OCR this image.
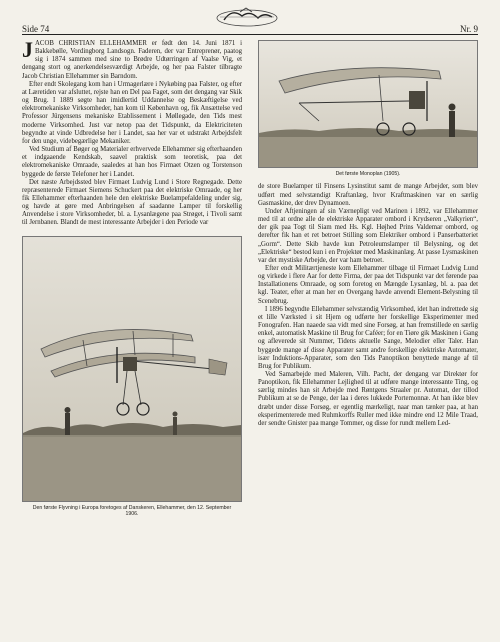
Side 74	Nr. 9

JACOB CHRISTIAN ELLEHAMMER er født den 14. Juni 1871 i Bakkebølle, Vordingborg Landsogn. Faderen, der var Entreprenør, paatog sig i 1874 sammen med sine to Brødre Udtørringen af Vaalse Vig, et dengang stort og anerkendelsesværdigt Arbejde, og her paa Falster tilbragte Jacob Christian Ellehammer sin Barndom.

Efter endt Skolegang kom han i Urmagerlære i Nykøbing paa Falster, og efter at Læretiden var afsluttet, rejste han en Del paa Faget, som det dengang var Skik og Brug. I 1889 søgte han imidlertid Uddannelse og Beskæftigelse ved elektromekaniske Virksomheder, han kom til København og, fik Ansættelse ved Professor Jürgensens mekaniske Etablissement i Møllegade, den Tids mest moderne Virksomhed. Just var netop paa det Tidspunkt, da Elektriciteten begyndte at vinde Udbredelse her i Landet, saa her var et udstrakt Arbejdsfelt for den unge, videbegærlige Mekaniker.

Ved Studium af Bøger og Materialer erhvervede Ellehammer sig efterhaanden et indgaaende Kendskab, saavel praktisk som teoretisk, paa det elektromekaniske Omraade, saaledes at han hos Firmaet Otzen og Torstenson byggede de første Telefoner her i Landet.

Det næste Arbejdssted blev Firmaet Ludvig Lund i Store Regnegade. Dette repræsenterede Firmaet Siemens Schuckert paa det elektriske Omraade, og her fik Ellehammer efterhaanden hele den elektriske Buelampefaldeling under sig, og havde at gøre med Anbringelsen af saadanne Lamper til forskellig Anvendelse i store Virksomheder, bl. a. Lysanlægene paa Strøget, i Tivoli samt til Jernbanen. Blandt de mest interessante Arbejder i den Periode var

Den første Flyvning i Europa foretoges af Danskeren, Ellehammer, den 12. September 1906.
Det første Monoplan (1905).

de store Buelamper til Finsens Lysinstitut samt de mange Arbejder, som blev udført med selvstændigt Kraftanlæg, hvor Kraftmaskinen var en særlig Gasmaskine, der drev Dynamoen.

Under Aftjeningen af sin Værnepligt ved Marinen i 1892, var Ellehammer med til at ordne alle de elektriske Apparater ombord i Krydseren „Valkyrien“, der gik paa Togt til Siam med Hs. Kgl. Højhed Prins Valdemar ombord, og derefter fik han et ret betroet Stilling som Elektriker ombord i Panserbatteriet „Gorm“. Dette Skib havde kun Petroleumslamper til Belysning, og det „Elektriske“ bestod kun i en Projektør med Maskinanlæg. At passe Lysmaskinen var det mystiske Arbejde, der var ham betroet.

Efter endt Militærtjeneste kom Ellehammer tilbage til Firmaet Ludvig Lund og virkede i flere Aar for dette Firma, der paa det Tidspunkt var det førende paa Installationens Omraade, og som foretog en Mængde Lysanlæg, bl. a. paa det kgl. Teater, efter at man her en Overgang havde anvendt Element-Belysning til Scenebrug.

I 1896 begyndte Ellehammer selvstændig Virksomhed, idet han indrettede sig et lille Værksted i sit Hjem og udførte her forskellige Eksperimenter med Fonografen. Han naaede saa vidt med sine Forsøg, at han fremstillede en særlig enkel, automatisk Maskine til Brug for Caféer; for en Tiøre gik Maskinen i Gang og afleverede sit Nummer, Tidens aktuelle Sange, Melodier eller Taler. Han byggede mange af disse Apparater samt andre forskellige elektriske Automater, især Induktions-Apparater, som den Tids Panoptikon benyttede mange af til Brug for Publikum.

Ved Samarbejde med Maleren, Vilh. Pacht, der dengang var Direktør for Panoptikon, fik Ellehammer Lejlighed til at udføre mange interessante Ting, og særlig mindes han sit Arbejde med Røntgens Straaler pr. Automat, der tillod Publikum at se de Penge, der laa i deres lukkede Portemonnæ. At han ikke blev dræbt under disse Forsøg, er egentlig mærkeligt, naar man tænker paa, at han eksperimenterede med Ruhmkorffs Ruller med ikke mindre end 12 Mile Traad, der sendte Gnister paa mange Tommer, og disse for rundt mellem Led-
